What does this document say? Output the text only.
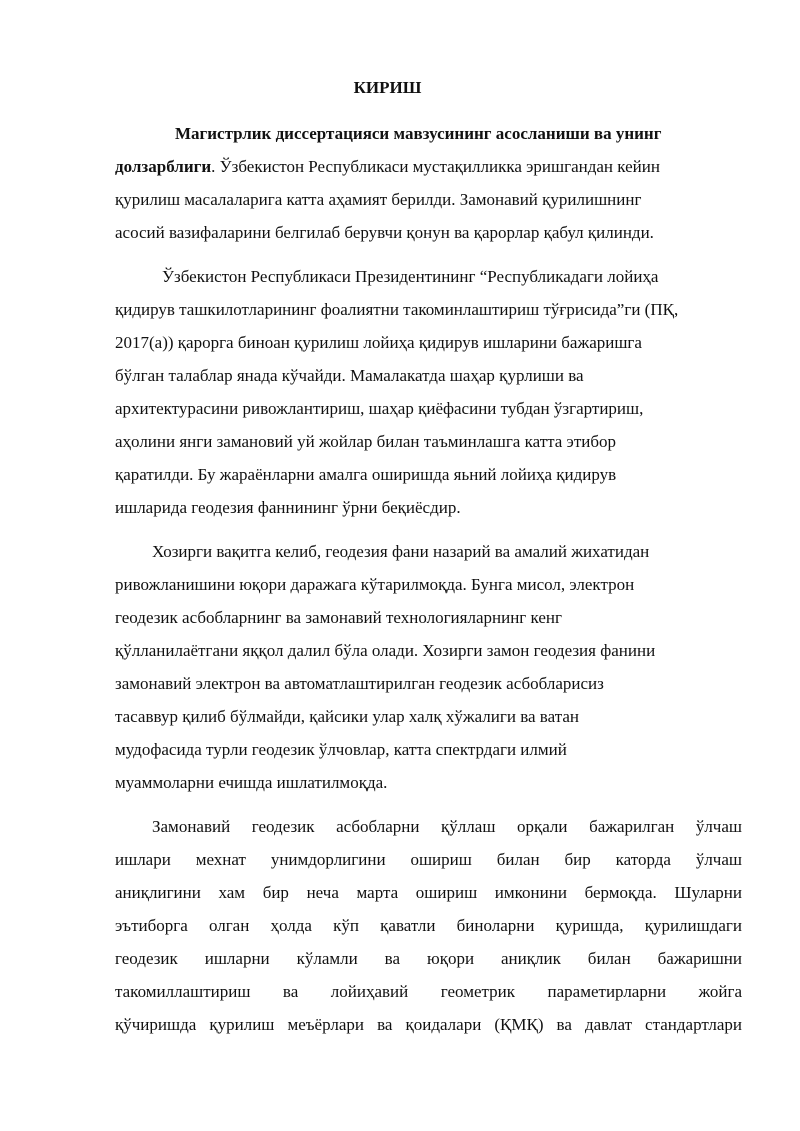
КИРИШ
Магистрлик диссертацияси мавзусининг асосланиши ва унинг
долзарблиги. Ўзбекистон Республикаси мустақилликка эришгандан кейин
қурилиш масалаларига катта аҳамият берилди. Замонавий қурилишнинг
асосий вазифаларини белгилаб берувчи қонун ва қарорлар қабул қилинди.
Ўзбекистон Республикаси Президентининг “Республикадаги лойиҳа
қидирув ташкилотларининг фоалиятни такоминлаштириш тўғрисида”ги (ПҚ,
2017(а)) қарорга биноан қурилиш лойиҳа қидирув ишларини бажаришга
бўлган талаблар янада кўчайди. Мамалакатда шаҳар қурлиши ва
архитектурасини ривожлантириш, шаҳар қиёфасини тубдан ўзгартириш,
аҳолини янги замановий уй жойлар билан таъминлашга катта этибор
қаратилди. Бу жараёнларни амалга оширишда яьний лойиҳа қидирув
ишларида геодезия фаннининг ўрни беқиёсдир.
Хозирги вақитга келиб, геодезия фани назарий ва амалий жихатидан
ривожланишини юқори даражага кўтарилмоқда. Бунга мисол, электрон
геодезик асбобларнинг ва замонавий технологияларнинг кенг
қўлланилаётгани яққол далил бўла олади. Хозирги замон геодезия фанини
замонавий электрон ва автоматлаштирилган геодезик асбобларисиз
тасаввур қилиб бўлмайди, қайсики улар халқ хўжалиги ва ватан
мудофасида турли геодезик ўлчовлар, катта спектрдаги илмий
муаммоларни ечишда ишлатилмоқда.
Замонавий геодезик асбобларни қўллаш орқали бажарилган ўлчаш
ишлари мехнат унимдорлигини ошириш билан бир каторда ўлчаш
аниқлигини хам бир неча марта ошириш имконини бермоқда. Шуларни
эътиборга олган ҳолда кўп қаватли биноларни қуришда, қурилишдаги
геодезик ишларни кўламли ва юқори аниқлик билан бажаришни
такомиллаштириш ва лойиҳавий геометрик параметирларни жойга
қўчиришда қурилиш меъёрлари ва қоидалари (ҚМҚ) ва давлат стандартлари
